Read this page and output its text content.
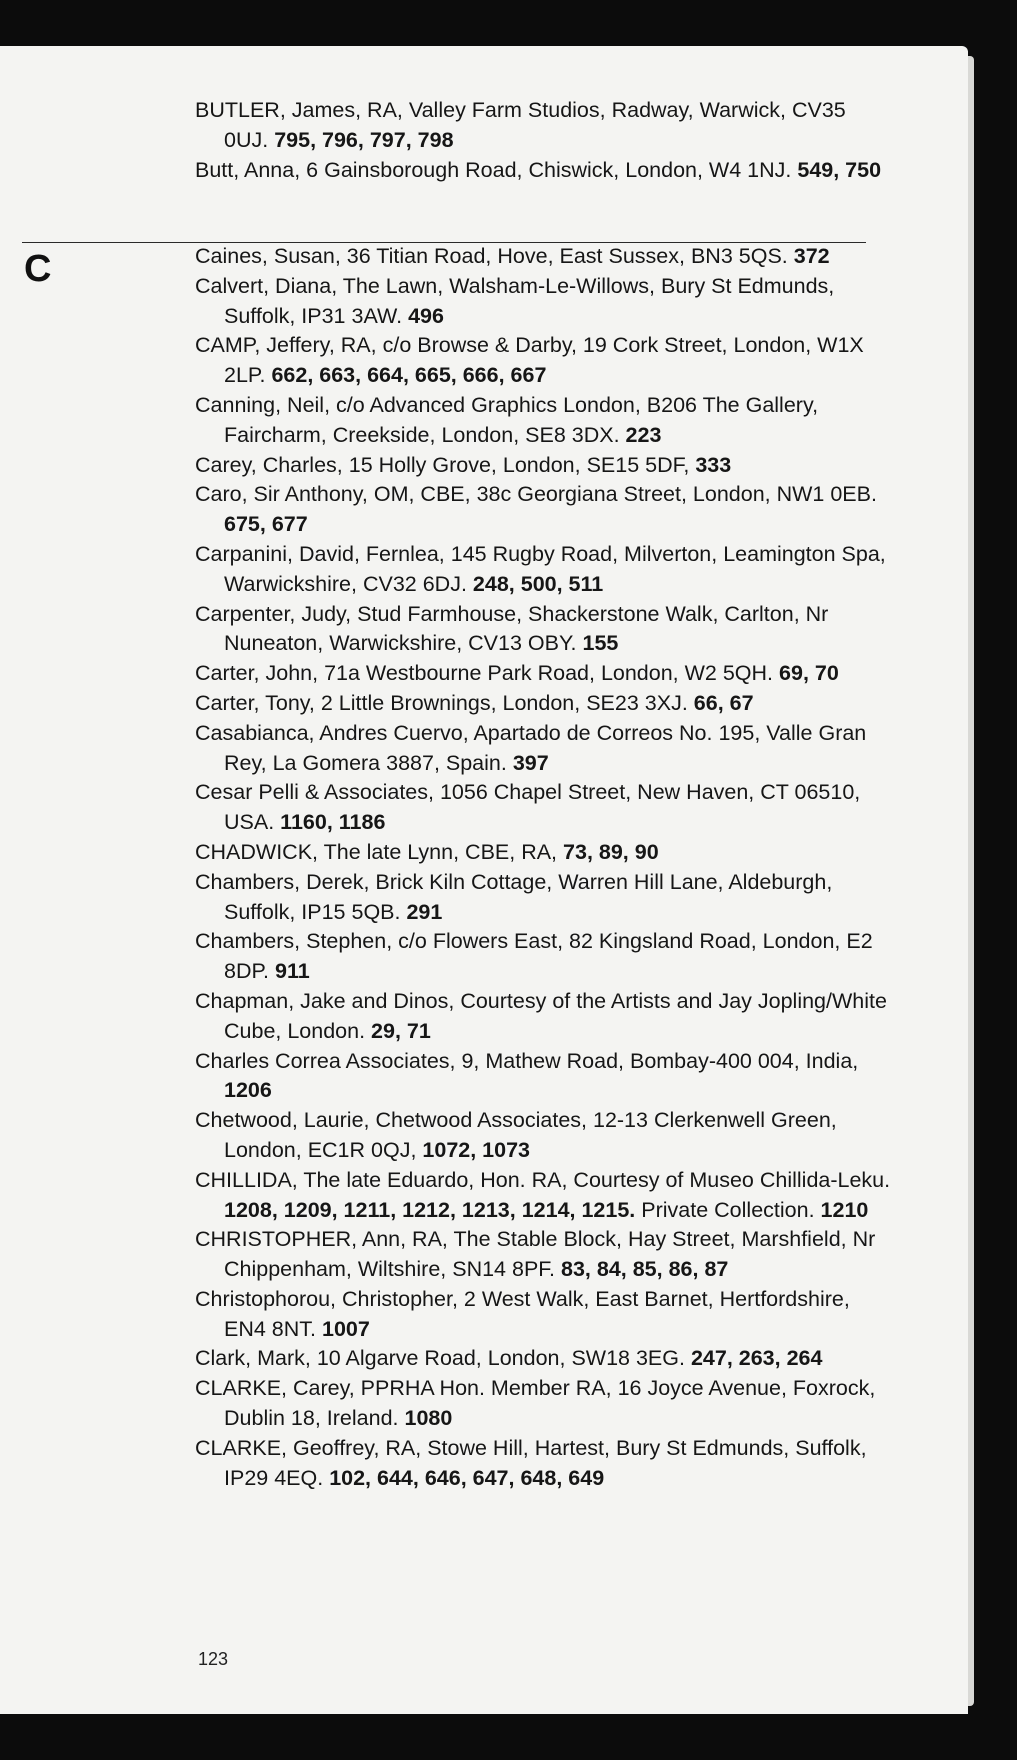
BUTLER, James, RA, Valley Farm Studios, Radway, Warwick, CV35 0UJ. 795, 796, 797, 798
Butt, Anna, 6 Gainsborough Road, Chiswick, London, W4 1NJ. 549, 750
C	Caines, Susan, 36 Titian Road, Hove, East Sussex, BN3 5QS. 372
Calvert, Diana, The Lawn, Walsham-Le-Willows, Bury St Edmunds, Suffolk, IP31 3AW. 496
CAMP, Jeffery, RA, c/o Browse & Darby, 19 Cork Street, London, W1X 2LP. 662, 663, 664, 665, 666, 667
Canning, Neil, c/o Advanced Graphics London, B206 The Gallery, Faircharm, Creekside, London, SE8 3DX. 223
Carey, Charles, 15 Holly Grove, London, SE15 5DF, 333
Caro, Sir Anthony, OM, CBE, 38c Georgiana Street, London, NW1 0EB. 675, 677
Carpanini, David, Fernlea, 145 Rugby Road, Milverton, Leamington Spa, Warwickshire, CV32 6DJ. 248, 500, 511
Carpenter, Judy, Stud Farmhouse, Shackerstone Walk, Carlton, Nr Nuneaton, Warwickshire, CV13 OBY. 155
Carter, John, 71a Westbourne Park Road, London, W2 5QH. 69, 70
Carter, Tony, 2 Little Brownings, London, SE23 3XJ. 66, 67
Casabianca, Andres Cuervo, Apartado de Correos No. 195, Valle Gran Rey, La Gomera 3887, Spain. 397
Cesar Pelli & Associates, 1056 Chapel Street, New Haven, CT 06510, USA. 1160, 1186
CHADWICK, The late Lynn, CBE, RA, 73, 89, 90
Chambers, Derek, Brick Kiln Cottage, Warren Hill Lane, Aldeburgh, Suffolk, IP15 5QB. 291
Chambers, Stephen, c/o Flowers East, 82 Kingsland Road, London, E2 8DP. 911
Chapman, Jake and Dinos, Courtesy of the Artists and Jay Jopling/White Cube, London. 29, 71
Charles Correa Associates, 9, Mathew Road, Bombay-400 004, India, 1206
Chetwood, Laurie, Chetwood Associates, 12-13 Clerkenwell Green, London, EC1R 0QJ, 1072, 1073
CHILLIDA, The late Eduardo, Hon. RA, Courtesy of Museo Chillida-Leku. 1208, 1209, 1211, 1212, 1213, 1214, 1215. Private Collection. 1210
CHRISTOPHER, Ann, RA, The Stable Block, Hay Street, Marshfield, Nr Chippenham, Wiltshire, SN14 8PF. 83, 84, 85, 86, 87
Christophorou, Christopher, 2 West Walk, East Barnet, Hertfordshire, EN4 8NT. 1007
Clark, Mark, 10 Algarve Road, London, SW18 3EG. 247, 263, 264
CLARKE, Carey, PPRHA Hon. Member RA, 16 Joyce Avenue, Foxrock, Dublin 18, Ireland. 1080
CLARKE, Geoffrey, RA, Stowe Hill, Hartest, Bury St Edmunds, Suffolk, IP29 4EQ. 102, 644, 646, 647, 648, 649
123
